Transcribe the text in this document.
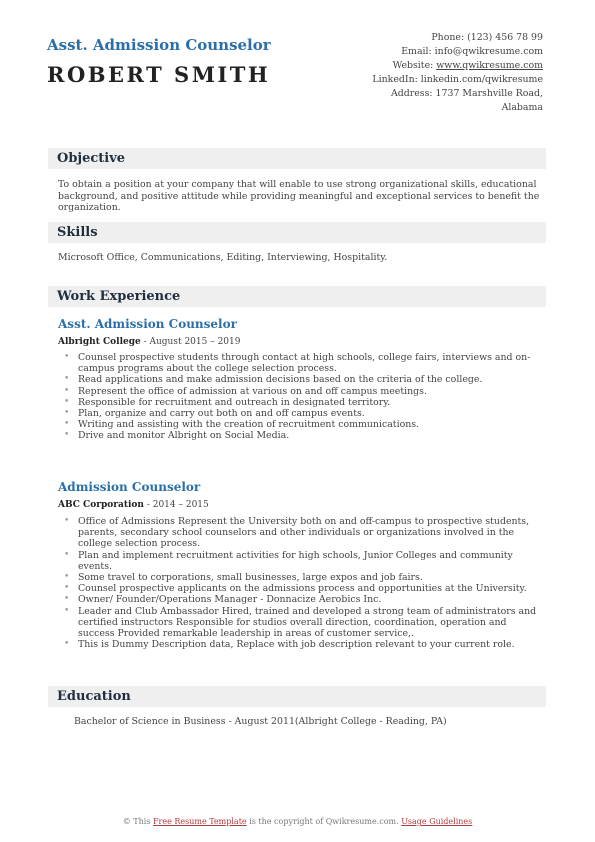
Asst. Admission Counselor
ROBERT SMITH
Phone: (123) 456 78 99
Email: info@qwikresume.com
Website: www.qwikresume.com
LinkedIn: linkedin.com/qwikresume
Address: 1737 Marshville Road,
Alabama
Objective
To obtain a position at your company that will enable to use strong organizational skills, educational background, and positive attitude while providing meaningful and exceptional services to benefit the organization.
Skills
Microsoft Office, Communications, Editing, Interviewing, Hospitality.
Work Experience
Asst. Admission Counselor
Albright College - August 2015 – 2019
• Counsel prospective students through contact at high schools, college fairs, interviews and on-campus programs about the college selection process.
• Read applications and make admission decisions based on the criteria of the college.
• Represent the office of admission at various on and off campus meetings.
• Responsible for recruitment and outreach in designated territory.
• Plan, organize and carry out both on and off campus events.
• Writing and assisting with the creation of recruitment communications.
• Drive and monitor Albright on Social Media.
Admission Counselor
ABC Corporation - 2014 – 2015
• Office of Admissions Represent the University both on and off-campus to prospective students, parents, secondary school counselors and other individuals or organizations involved in the college selection process.
• Plan and implement recruitment activities for high schools, Junior Colleges and community events.
• Some travel to corporations, small businesses, large expos and job fairs.
• Counsel prospective applicants on the admissions process and opportunities at the University.
• Owner/ Founder/Operations Manager - Donnacize Aerobics Inc.
• Leader and Club Ambassador Hired, trained and developed a strong team of administrators and certified instructors Responsible for studios overall direction, coordination, operation and success Provided remarkable leadership in areas of customer service,.
• This is Dummy Description data, Replace with job description relevant to your current role.
Education
Bachelor of Science in Business - August 2011(Albright College - Reading, PA)
© This Free Resume Template is the copyright of Qwikresume.com. Usage Guidelines
